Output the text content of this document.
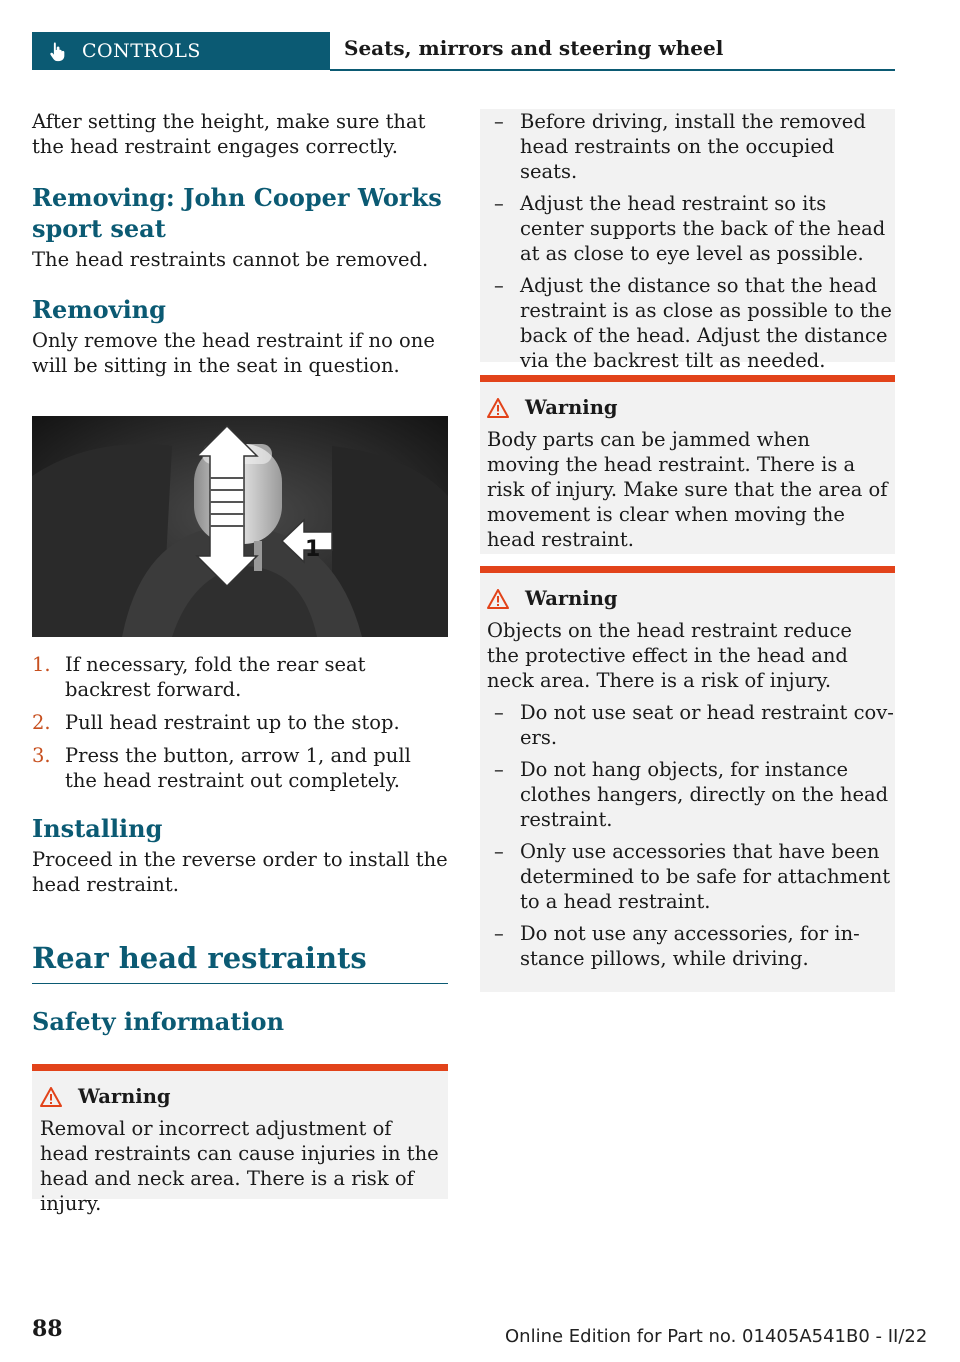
CONTROLS	Seats, mirrors and steering wheel

After setting the height, make sure that the head restraint engages correctly.

Removing: John Cooper Works sport seat

The head restraints cannot be removed.

Removing

Only remove the head restraint if no one will be sitting in the seat in question.

1
1. If necessary, fold the rear seat backrest forward.
2. Pull head restraint up to the stop.
3. Press the button, arrow 1, and pull the head restraint out completely.
Installing

Proceed in the reverse order to install the head restraint.

Rear head restraints
Safety information
Warning

Removal or incorrect adjustment of head restraints can cause injuries in the head and neck area. There is a risk of injury.

– Before driving, install the removed head restraints on the occupied seats.
– Adjust the head restraint so its center supports the back of the head at as close to eye level as possible.
– Adjust the distance so that the head restraint is as close as possible to the back of the head. Adjust the distance via the backrest tilt as needed.
Warning

Body parts can be jammed when moving the head restraint. There is a risk of injury. Make sure that the area of movement is clear when moving the head restraint.

Warning

Objects on the head restraint reduce the protective effect in the head and neck area. There is a risk of injury.

– Do not use seat or head restraint cov- ers.
– Do not hang objects, for instance clothes hangers, directly on the head restraint.
– Only use accessories that have been determined to be safe for attachment to a head restraint.
– Do not use any accessories, for in- stance pillows, while driving.
88	Online Edition for Part no. 01405A541B0 - II/22
